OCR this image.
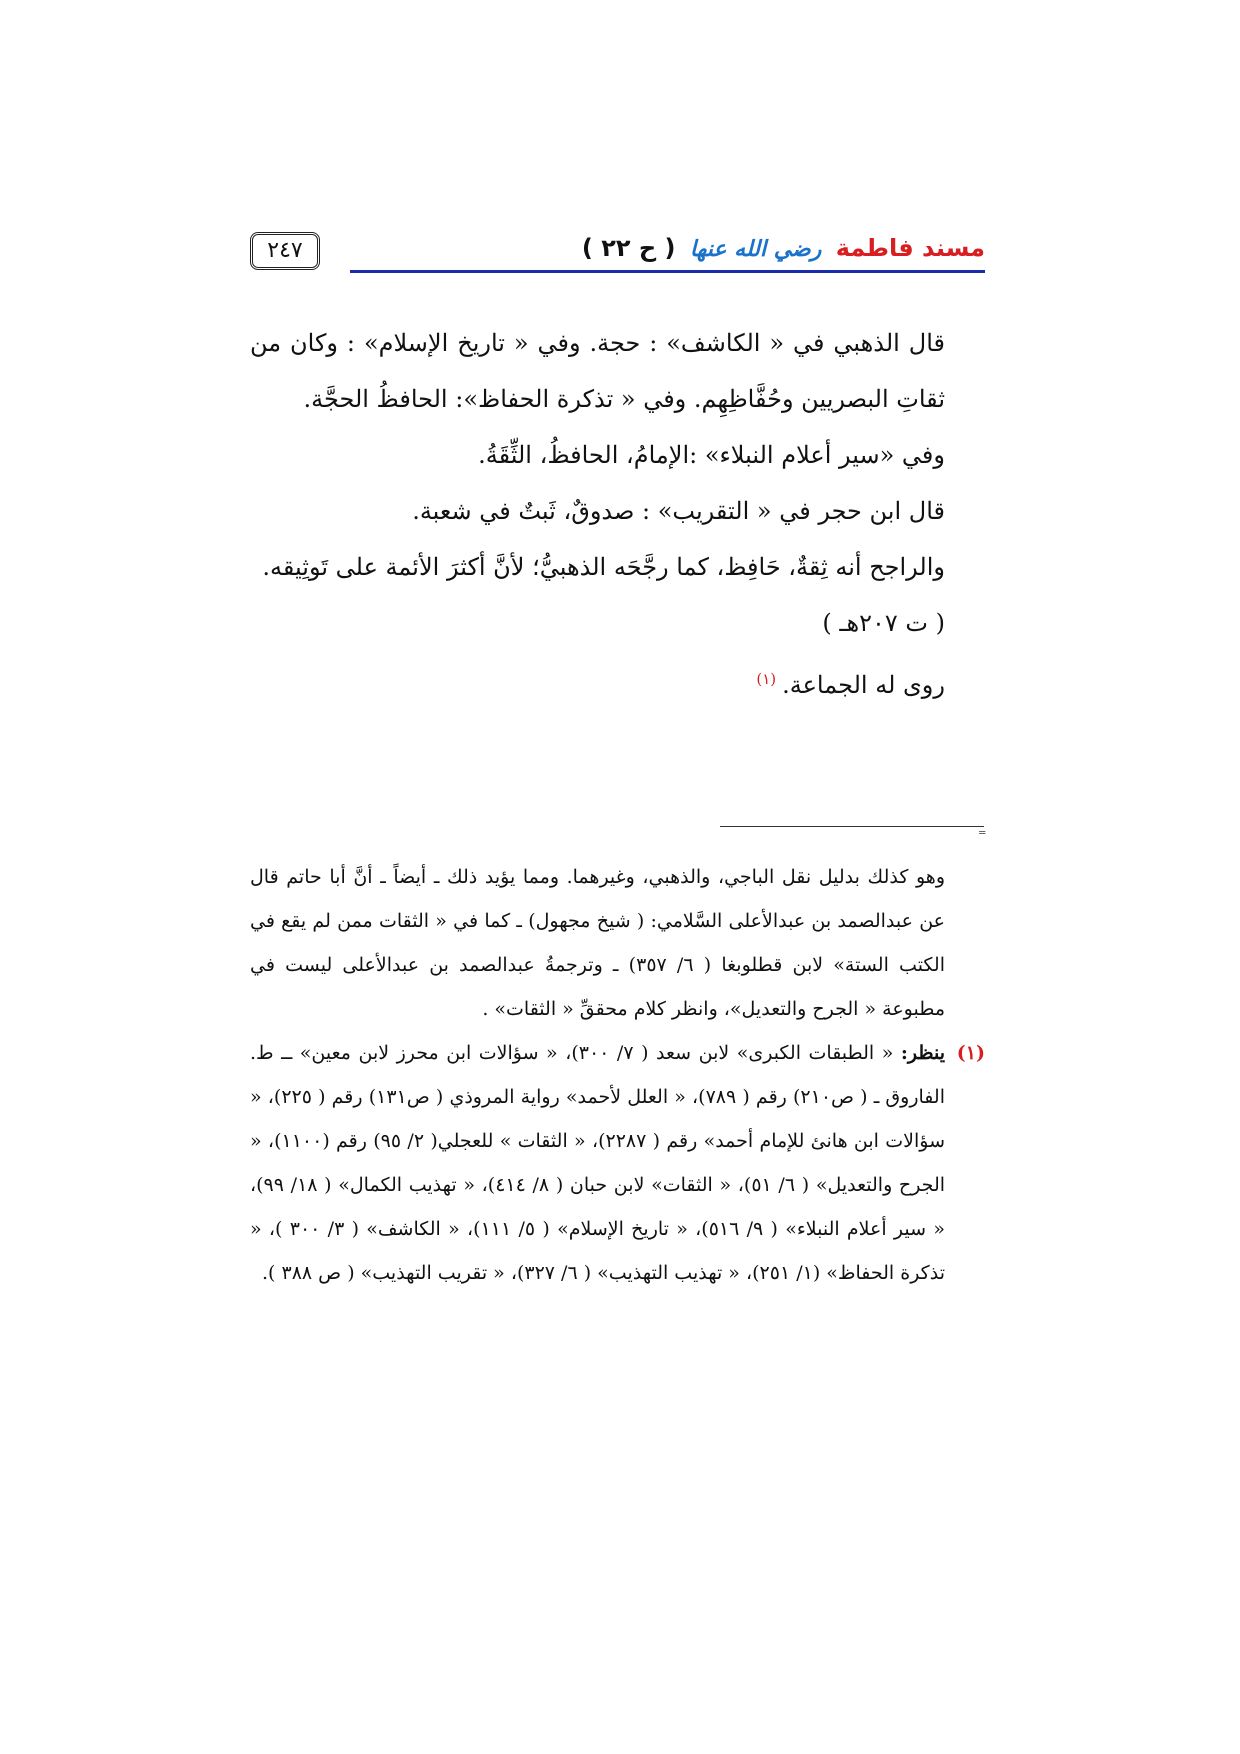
مسند فاطمة رضي الله عنها ( ح ٢٢ )
٢٤٧

قال الذهبي في « الكاشف» : حجة. وفي « تاريخ الإسلام» : وكان من ثقاتِ البصريين وحُفَّاظِهِم. وفي « تذكرة الحفاظ»: الحافظُ الحجَّة.

وفي «سير أعلام النبلاء» :الإمامُ، الحافظُ، الثِّقَةُ.

قال ابن حجر في « التقريب» : صدوقٌ، ثَبتٌ في شعبة.

والراجح أنه ثِقةٌ، حَافِظ، كما رجَّحَه الذهبيُّ؛ لأنَّ أكثرَ الأئمة على تَوثِيقه.

( ت ٢٠٧هـ )

روى له الجماعة.$^{(١)}$

=

وهو كذلك بدليل نقل الباجي، والذهبي، وغيرهما. ومما يؤيد ذلك ـ أيضاً ـ أنَّ أبا حاتم قال عن عبدالصمد بن عبدالأعلى السَّلامي: ( شيخ مجهول) ـ كما في « الثقات ممن لم يقع في الكتب الستة» لابن قطلوبغا ( ٦/ ٣٥٧) ـ وترجمةُ عبدالصمد بن عبدالأعلى ليست في مطبوعة « الجرح والتعديل»، وانظر كلام محققِّ « الثقات» .

(١)
ينظر: « الطبقات الكبرى» لابن سعد ( ٧/ ٣٠٠)، « سؤالات ابن محرز لابن معين» ــ ط. الفاروق ـ ( ص٢١٠) رقم ( ٧٨٩)، « العلل لأحمد» رواية المروذي ( ص١٣١) رقم ( ٢٢٥)، « سؤالات ابن هانئ للإمام أحمد» رقم ( ٢٢٨٧)، « الثقات » للعجلي( ٢/ ٩٥) رقم (١١٠٠)، « الجرح والتعديل» ( ٦/ ٥١)، « الثقات» لابن حبان ( ٨/ ٤١٤)، « تهذيب الكمال» ( ١٨/ ٩٩)، « سير أعلام النبلاء» ( ٩/ ٥١٦)، « تاريخ الإسلام» ( ٥/ ١١١)، « الكاشف» ( ٣/ ٣٠٠ )، « تذكرة الحفاظ» (١/ ٢٥١)، « تهذيب التهذيب» ( ٦/ ٣٢٧)، « تقريب التهذيب» ( ص ٣٨٨ ).
